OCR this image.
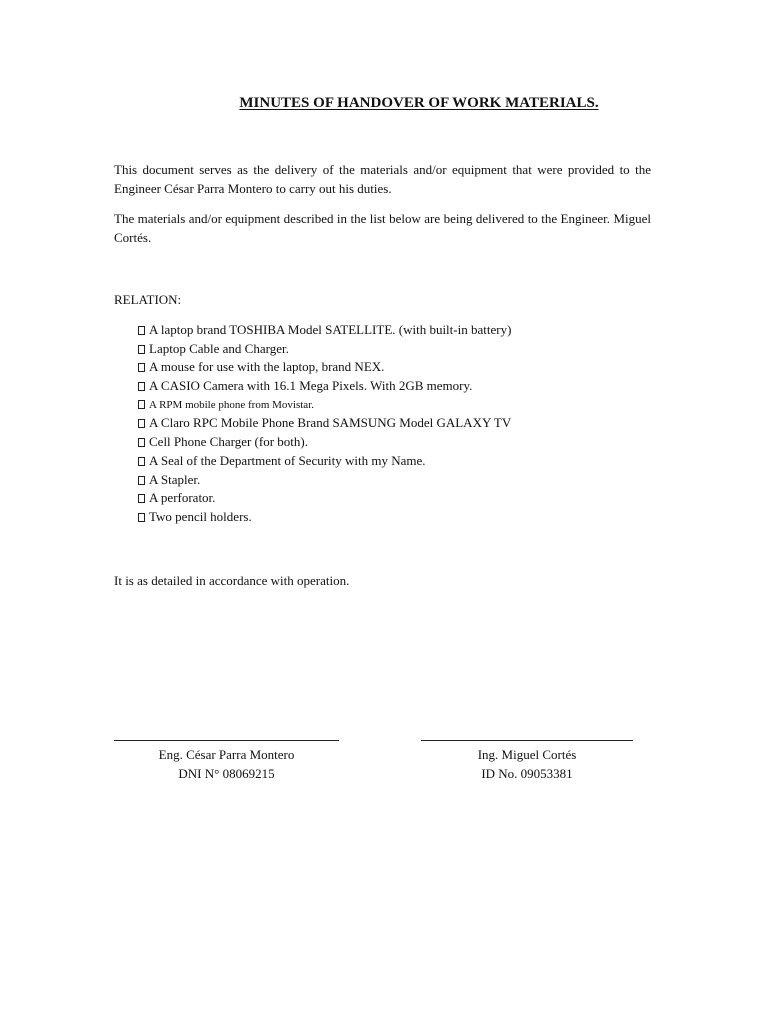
MINUTES OF HANDOVER OF WORK MATERIALS.

This document serves as the delivery of the materials and/or equipment that were provided to the Engineer César Parra Montero to carry out his duties.

The materials and/or equipment described in the list below are being delivered to the Engineer. Miguel Cortés.

RELATION:
A laptop brand TOSHIBA Model SATELLITE. (with built-in battery)
Laptop Cable and Charger.
A mouse for use with the laptop, brand NEX.
A CASIO Camera with 16.1 Mega Pixels. With 2GB memory.
A RPM mobile phone from Movistar.
A Claro RPC Mobile Phone Brand SAMSUNG Model GALAXY TV
Cell Phone Charger (for both).
A Seal of the Department of Security with my Name.
A Stapler.
A perforator.
Two pencil holders.
It is as detailed in accordance with operation.
Eng. César Parra Montero
DNI N° 08069215
Ing. Miguel Cortés
ID No. 09053381
